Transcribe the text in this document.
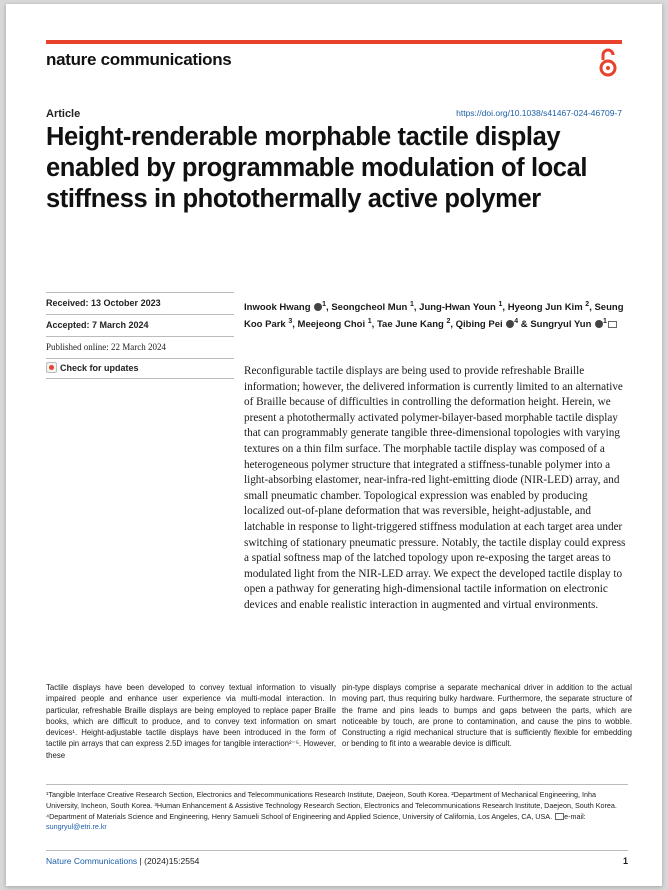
nature communications
Article	https://doi.org/10.1038/s41467-024-46709-7
Height-renderable morphable tactile display enabled by programmable modulation of local stiffness in photothermally active polymer
Received: 13 October 2023
Accepted: 7 March 2024
Published online: 22 March 2024
Check for updates
Inwook Hwang $^1$, Seongcheol Mun $^1$, Jung-Hwan Youn $^1$, Hyeong Jun Kim $^2$, Seung Koo Park $^3$, Meejeong Choi $^1$, Tae June Kang $^2$, Qibing Pei $^4$ & Sungryul Yun $^1$

Reconfigurable tactile displays are being used to provide refreshable Braille information; however, the delivered information is currently limited to an alternative of Braille because of difficulties in controlling the deformation height. Herein, we present a photothermally activated polymer-bilayer-based morphable tactile display that can programmably generate tangible three-dimensional topologies with varying textures on a thin film surface. The morphable tactile display was composed of a heterogeneous polymer structure that integrated a stiffness-tunable polymer into a light-absorbing elastomer, near-infra-red light-emitting diode (NIR-LED) array, and small pneumatic chamber. Topological expression was enabled by producing localized out-of-plane deformation that was reversible, height-adjustable, and latchable in response to light-triggered stiffness modulation at each target area under switching of stationary pneumatic pressure. Notably, the tactile display could express a spatial softness map of the latched topology upon re-exposing the target areas to modulated light from the NIR-LED array. We expect the developed tactile display to open a pathway for generating high-dimensional tactile information on electronic devices and enable realistic interaction in augmented and virtual environments.

Tactile displays have been developed to convey textual information to visually impaired people and enhance user experience via multi-modal interaction. In particular, refreshable Braille displays are being employed to replace paper Braille books, which are difficult to produce, and to convey text information on smart devices¹. Height-adjustable tactile displays have been introduced in the form of tactile pin arrays that can express 2.5D images for tangible interaction²⁻⁵. However, these

pin-type displays comprise a separate mechanical driver in addition to the actual moving part, thus requiring bulky hardware. Furthermore, the separate structure of the frame and pins leads to bumps and gaps between the parts, which are noticeable by touch, are prone to contamination, and cause the pins to wobble. Constructing a rigid mechanical structure that is sufficiently flexible for embedding or bending to fit into a wearable device is difficult.

¹Tangible Interface Creative Research Section, Electronics and Telecommunications Research Institute, Daejeon, South Korea. ²Department of Mechanical Engineering, Inha University, Incheon, South Korea. ³Human Enhancement & Assistive Technology Research Section, Electronics and Telecommunications Research Institute, Daejeon, South Korea. ⁴Department of Materials Science and Engineering, Henry Samueli School of Engineering and Applied Science, University of California, Los Angeles, CA, USA. e-mail: sungryul@etri.re.kr
Nature Communications | (2024)15:2554	1
